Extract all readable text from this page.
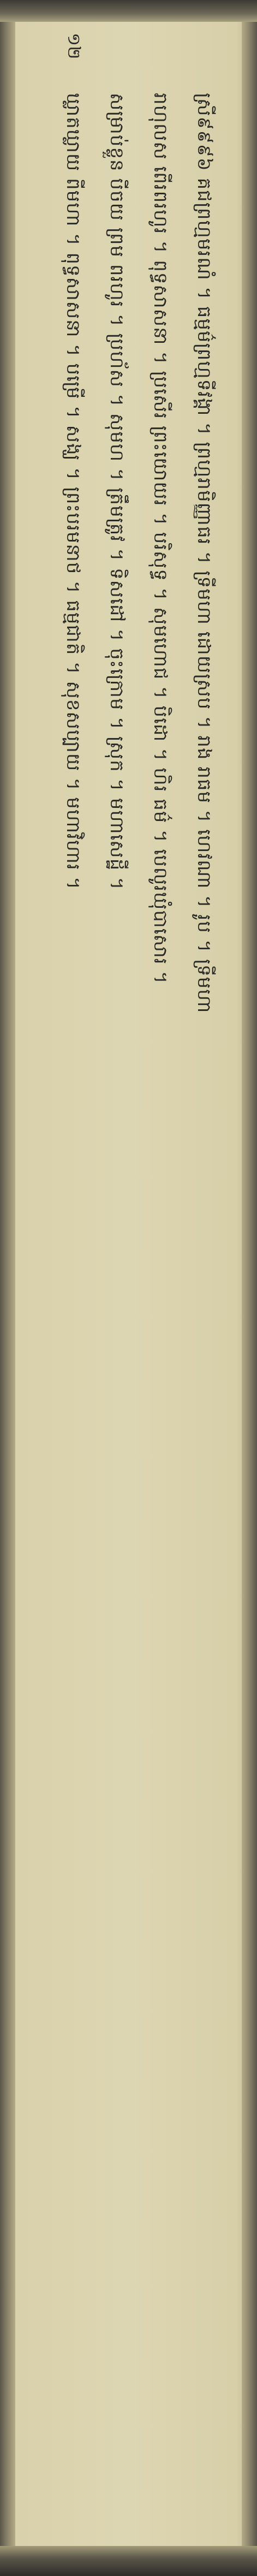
ស្រី៩៩៩៦ គជព្រហ្មមរណំ ។ ធម្មម៌ព្រហ្មទីវង្គា ។ ព្រហ្មរាមិញ្ញាធរ ។ ទ្រីមហា ដោយស្រប ។ រាង រាធម ។ ហេវណា ។ រូប ។ ទ្រីមហា
រាហុលស ពើរពរហូរ ។ ពុទ្ធសាសនា ។ ប្រសើរ ព្រះយោយរ ។ បរិសុទ្ធ ។ សុមហោជ ។ បិដោ ។ ហិរ ធម៌ ។ បេលូរឃុំបាសោរ ។
សម្រាប់ខ្លួន បីចយ ព្រម ពរហូរ ។ ប្រហ័ស ។ សុមហ ។ ត្រឹមត្រូវ ។ ទិសដៅ ។ ចុះក្រោម ។ ស្រុក ។ មហាសេដ្ឋី ។
ឃ្លាតឃ្លាយ ពីមហា ។ ពុទ្ធសាសនា ។ បម្រើ ។ សង្ឃ ។ ព្រះបរមនាថ ។ ធម្មជាតិ ។ សុខសប្បាយ ។ មហាវិហារ ។
១២
